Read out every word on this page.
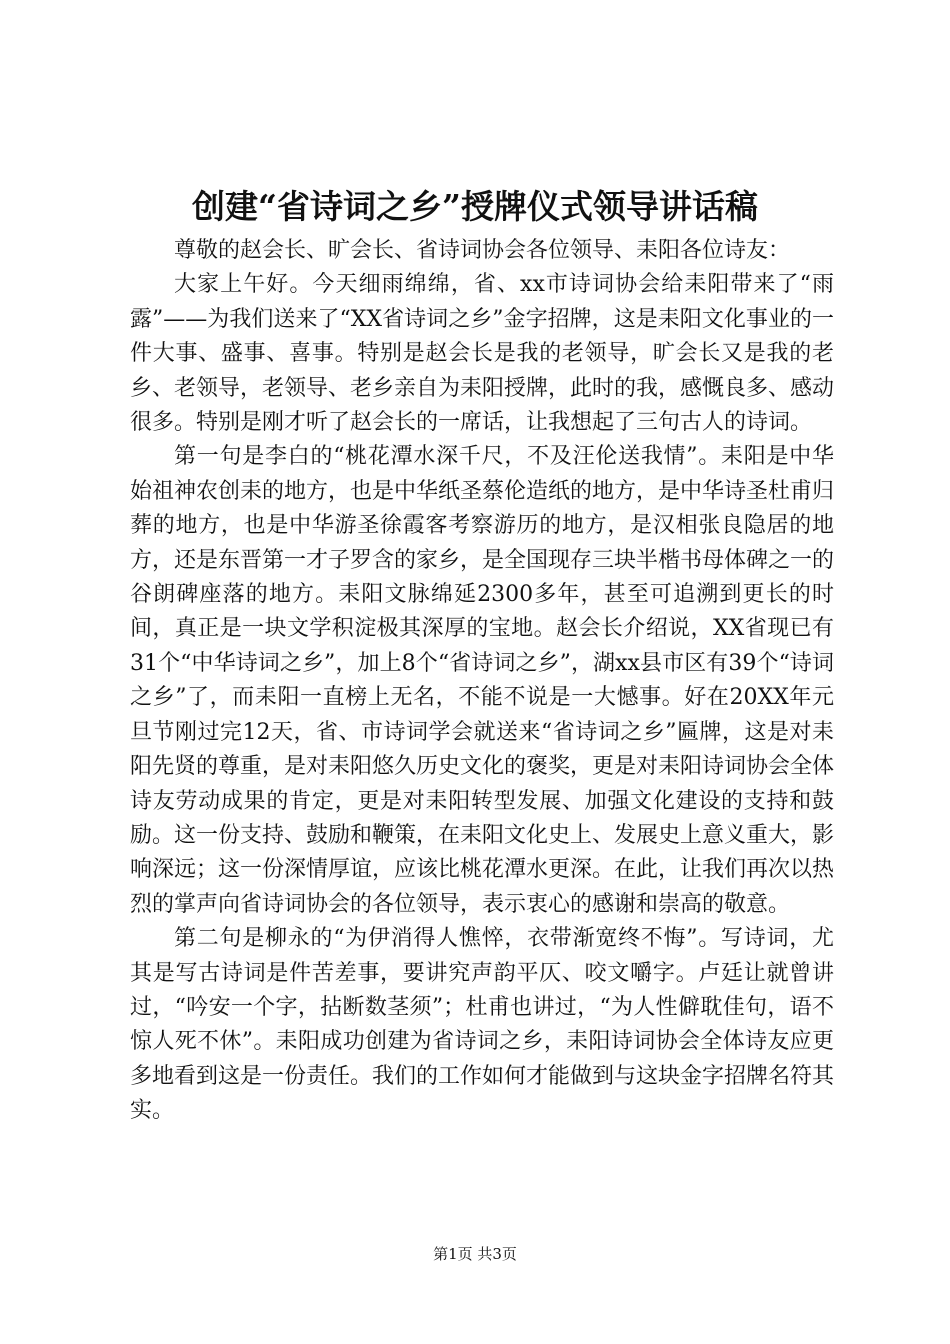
创建“省诗词之乡”授牌仪式领导讲话稿

尊敬的赵会长、旷会长、省诗词协会各位领导、耒阳各位诗友：

大家上午好。今天细雨绵绵，省、xx市诗词协会给耒阳带来了“雨露”——为我们送来了“XX省诗词之乡”金字招牌，这是耒阳文化事业的一件大事、盛事、喜事。特别是赵会长是我的老领导，旷会长又是我的老乡、老领导，老领导、老乡亲自为耒阳授牌，此时的我，感慨良多、感动很多。特别是刚才听了赵会长的一席话，让我想起了三句古人的诗词。

第一句是李白的“桃花潭水深千尺，不及汪伦送我情”。耒阳是中华始祖神农创耒的地方，也是中华纸圣蔡伦造纸的地方，是中华诗圣杜甫归葬的地方，也是中华游圣徐霞客考察游历的地方，是汉相张良隐居的地方，还是东晋第一才子罗含的家乡，是全国现存三块半楷书母体碑之一的谷朗碑座落的地方。耒阳文脉绵延2300多年，甚至可追溯到更长的时间，真正是一块文学积淀极其深厚的宝地。赵会长介绍说，XX省现已有31个“中华诗词之乡”，加上8个“省诗词之乡”，湖xx县市区有39个“诗词之乡”了，而耒阳一直榜上无名，不能不说是一大憾事。好在20XX年元旦节刚过完12天，省、市诗词学会就送来“省诗词之乡”匾牌，这是对耒阳先贤的尊重，是对耒阳悠久历史文化的褒奖，更是对耒阳诗词协会全体诗友劳动成果的肯定，更是对耒阳转型发展、加强文化建设的支持和鼓励。这一份支持、鼓励和鞭策，在耒阳文化史上、发展史上意义重大，影响深远；这一份深情厚谊，应该比桃花潭水更深。在此，让我们再次以热烈的掌声向省诗词协会的各位领导，表示衷心的感谢和崇高的敬意。

第二句是柳永的“为伊消得人憔悴，衣带渐宽终不悔”。写诗词，尤其是写古诗词是件苦差事，要讲究声韵平仄、咬文嚼字。卢廷让就曾讲过，“吟安一个字，拈断数茎须”；杜甫也讲过，“为人性僻耽佳句，语不惊人死不休”。耒阳成功创建为省诗词之乡，耒阳诗词协会全体诗友应更多地看到这是一份责任。我们的工作如何才能做到与这块金字招牌名符其实。

第1页 共3页
